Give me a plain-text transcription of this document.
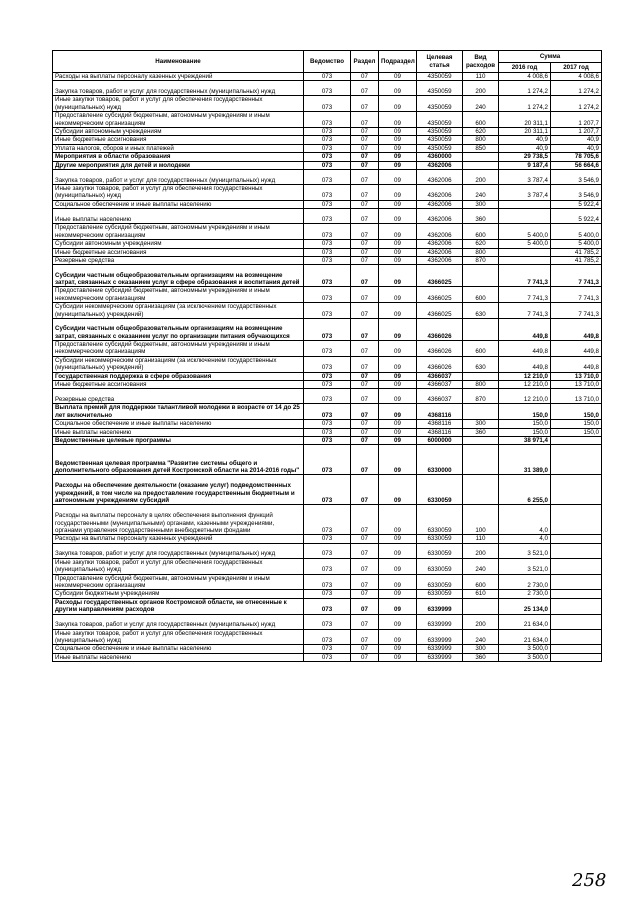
Наименование	Ведомство	Раздел	Подраздел	Целевая статья	Вид расходов	Сумма	
						2016 год	2017 год
Расходы на выплаты персоналу казенных учреждений	073	07	09	4350059	110	4 008,6	4 008,6
Закупка товаров, работ и услуг для государственных (муниципальных) нужд	073	07	09	4350059	200	1 274,2	1 274,2
Иные закупки товаров, работ и услуг для обеспечения государственных (муниципальных) нужд	073	07	09	4350059	240	1 274,2	1 274,2
Предоставление субсидий бюджетным, автономным учреждениям и иным некоммерческим организациям	073	07	09	4350059	600	20 311,1	1 207,7
Субсидии автономным учреждениям	073	07	09	4350059	620	20 311,1	1 207,7
Иные бюджетные ассигнования	073	07	09	4350059	800	40,9	40,9
Уплата налогов, сборов и иных платежей	073	07	09	4350059	850	40,9	40,9
Мероприятия в области образования	073	07	09	4360000		29 738,5	78 705,6
Другие мероприятия для детей и молодежи	073	07	09	4362006		9 187,4	56 664,6
Закупка товаров, работ и услуг для государственных (муниципальных) нужд	073	07	09	4362006	200	3 787,4	3 546,9
Иные закупки товаров, работ и услуг для обеспечения государственных (муниципальных) нужд	073	07	09	4362006	240	3 787,4	3 546,9
Социальное обеспечение и иные выплаты населению	073	07	09	4362006	300		5 922,4
Иные выплаты населению	073	07	09	4362006	360		5 922,4
Предоставление субсидий бюджетным, автономным учреждениям и иным некоммерческим организациям	073	07	09	4362006	600	5 400,0	5 400,0
Субсидии автономным учреждениям	073	07	09	4362006	620	5 400,0	5 400,0
Иные бюджетные ассигнования	073	07	09	4362006	800		41 785,2
Резервные средства	073	07	09	4362006	870		41 785,2
Субсидии частным общеобразовательным организациям на возмещение затрат, связанных с оказанием услуг в сфере образования и воспитания детей	073	07	09	4366025		7 741,3	7 741,3
Предоставление субсидий бюджетным, автономным учреждениям и иным некоммерческим организациям	073	07	09	4366025	600	7 741,3	7 741,3
Субсидии некоммерческим организациям (за исключением государственных (муниципальных) учреждений)	073	07	09	4366025	630	7 741,3	7 741,3
Субсидии частным общеобразовательным организациям на возмещение затрат, связанных с оказанием услуг по организации питания обучающихся	073	07	09	4366026		449,8	449,8
Предоставление субсидий бюджетным, автономным учреждениям и иным некоммерческим организациям	073	07	09	4366026	600	449,8	449,8
Субсидии некоммерческим организациям (за исключением государственных (муниципальных) учреждений)	073	07	09	4366026	630	449,8	449,8
Государственная поддержка в сфере образования	073	07	09	4366037		12 210,0	13 710,0
Иные бюджетные ассигнования	073	07	09	4366037	800	12 210,0	13 710,0
Резервные средства	073	07	09	4366037	870	12 210,0	13 710,0
Выплата премий для поддержки талантливой молодежи в возрасте от 14 до 25 лет включительно	073	07	09	4368116		150,0	150,0
Социальное обеспечение и иные выплаты населению	073	07	09	4368116	300	150,0	150,0
Иные выплаты населению	073	07	09	4368116	360	150,0	150,0
Ведомственные целевые программы	073	07	09	6000000		38 971,4	
Ведомственная целевая программа "Развитие системы общего и дополнительного образования детей Костромской области на 2014-2016 годы"	073	07	09	6330000		31 389,0	
Расходы на обеспечение деятельности (оказание услуг) подведомственных учреждений, в том числе на предоставление государственным бюджетным и автономным учреждениям субсидий	073	07	09	6330059		6 255,0	
Расходы на выплаты персоналу в целях обеспечения выполнения функций государственными (муниципальными) органами, казенными учреждениями, органами управления государственными внебюджетными фондами	073	07	09	6330059	100	4,0	
Расходы на выплаты персоналу казенных учреждений	073	07	09	6330059	110	4,0	
Закупка товаров, работ и услуг для государственных (муниципальных) нужд	073	07	09	6330059	200	3 521,0	
Иные закупки товаров, работ и услуг для обеспечения государственных (муниципальных) нужд	073	07	09	6330059	240	3 521,0	
Предоставление субсидий бюджетным, автономным учреждениям и иным некоммерческим организациям	073	07	09	6330059	600	2 730,0	
Субсидии бюджетным учреждениям	073	07	09	6330059	610	2 730,0	
Расходы государственных органов Костромской области, не отнесенные к другим направлениям расходов	073	07	09	6339999		25 134,0	
Закупка товаров, работ и услуг для государственных (муниципальных) нужд	073	07	09	6339999	200	21 634,0	
Иные закупки товаров, работ и услуг для обеспечения государственных (муниципальных) нужд	073	07	09	6339999	240	21 634,0	
Социальное обеспечение и иные выплаты населению	073	07	09	6339999	300	3 500,0	
Иные выплаты населению	073	07	09	6339999	360	3 500,0	
258
